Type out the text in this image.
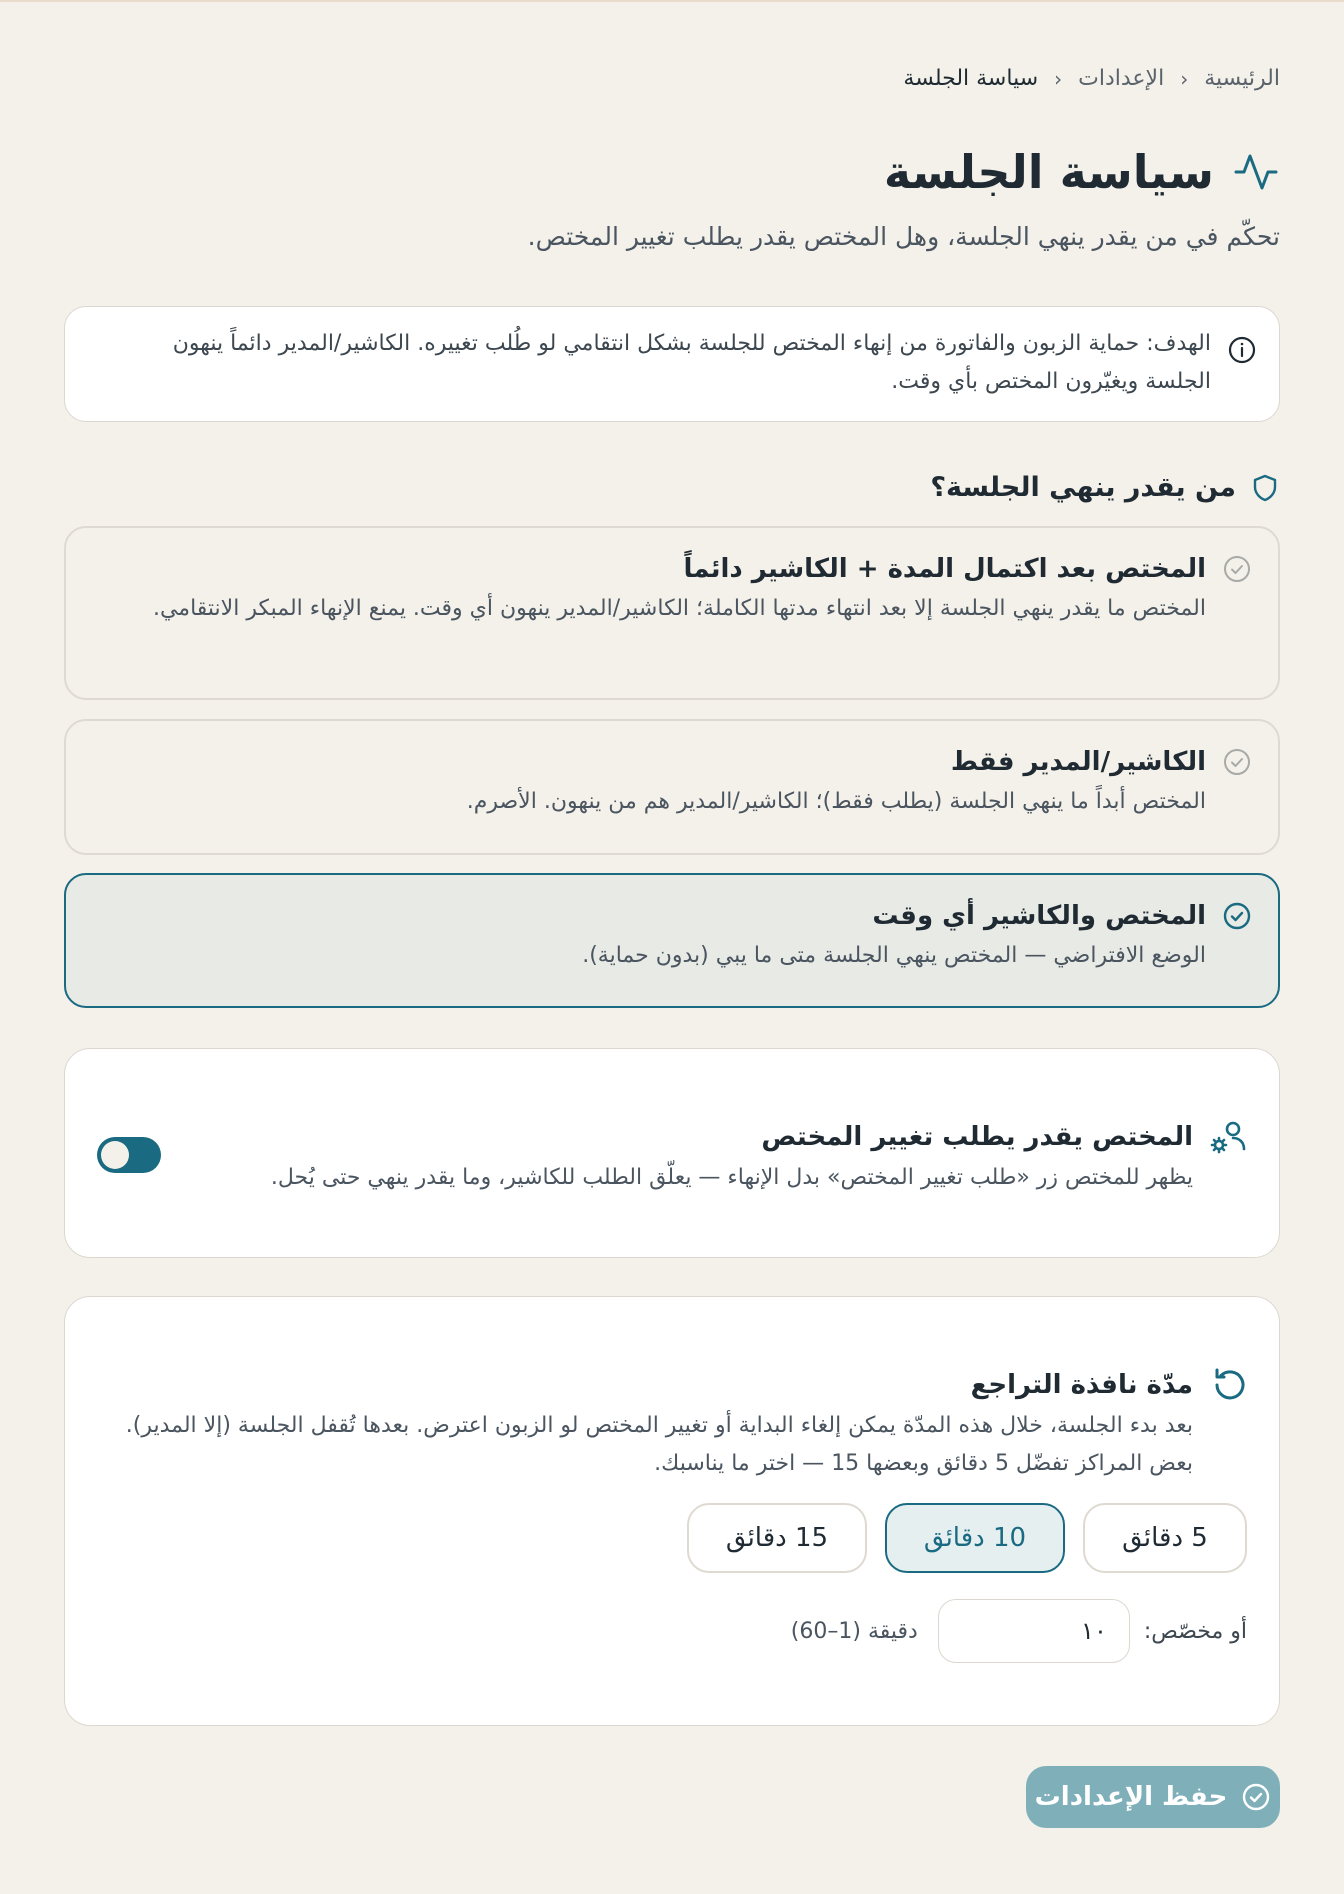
الرئيسية
‹
الإعدادات
‹
سياسة الجلسة
سياسة الجلسة
تحكّم في من يقدر ينهي الجلسة، وهل المختص يقدر يطلب تغيير المختص.

الهدف: حماية الزبون والفاتورة من إنهاء المختص للجلسة بشكل انتقامي لو طُلب تغييره. الكاشير/المدير دائماً ينهون الجلسة ويغيّرون المختص بأي وقت.

من يقدر ينهي الجلسة؟
المختص بعد اكتمال المدة + الكاشير دائماً

المختص ما يقدر ينهي الجلسة إلا بعد انتهاء مدتها الكاملة؛ الكاشير/المدير ينهون أي وقت. يمنع الإنهاء المبكر الانتقامي.

الكاشير/المدير فقط

المختص أبداً ما ينهي الجلسة (يطلب فقط)؛ الكاشير/المدير هم من ينهون. الأصرم.

المختص والكاشير أي وقت

الوضع الافتراضي — المختص ينهي الجلسة متى ما يبي (بدون حماية).

المختص يقدر يطلب تغيير المختص

يظهر للمختص زر «طلب تغيير المختص» بدل الإنهاء — يعلّق الطلب للكاشير، وما يقدر ينهي حتى يُحل.

مدّة نافذة التراجع

بعد بدء الجلسة، خلال هذه المدّة يمكن إلغاء البداية أو تغيير المختص لو الزبون اعترض. بعدها تُقفل الجلسة (إلا المدير). بعض المراكز تفضّل 5 دقائق وبعضها 15 — اختر ما يناسبك.

5 دقائق
10 دقائق
15 دقائق
أو مخصّص:
١٠
دقيقة (1–60)
حفظ الإعدادات
